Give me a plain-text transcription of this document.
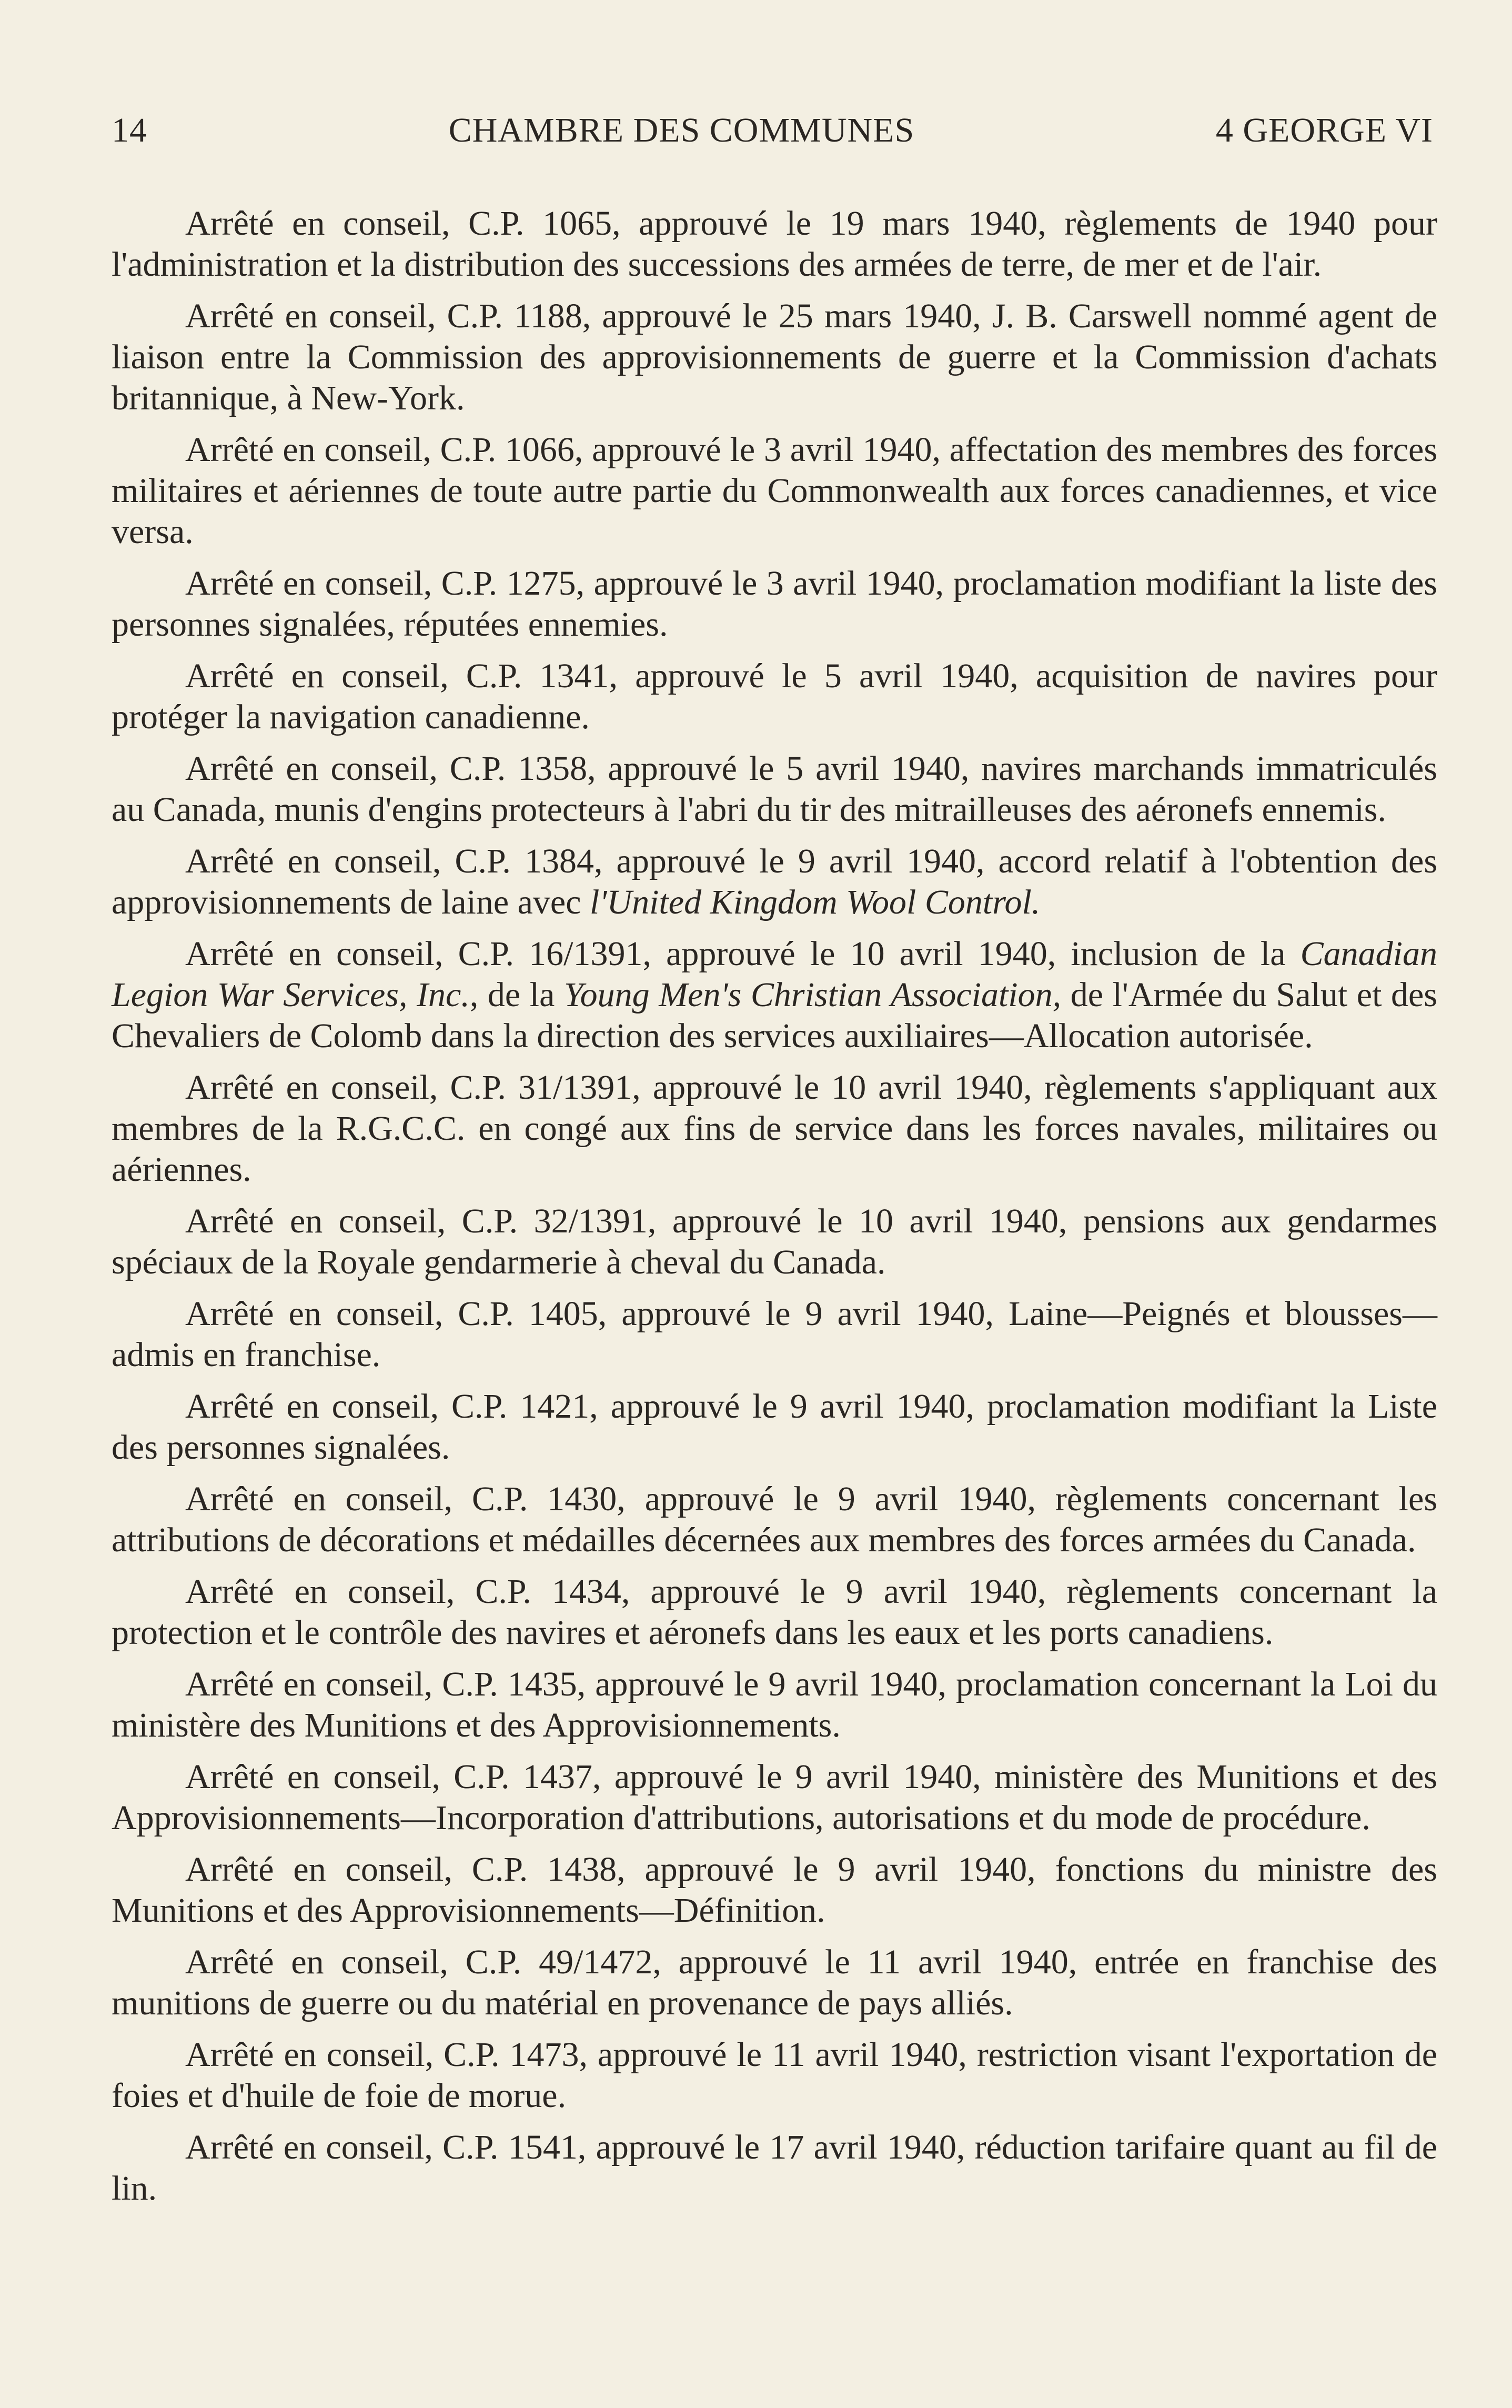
14	CHAMBRE DES COMMUNES	4 GEORGE VI

Arrêté en conseil, C.P. 1065, approuvé le 19 mars 1940, règlements de 1940 pour l'administration et la distribution des successions des armées de terre, de mer et de l'air.

Arrêté en conseil, C.P. 1188, approuvé le 25 mars 1940, J. B. Carswell nommé agent de liaison entre la Commission des approvisionnements de guerre et la Commission d'achats britannique, à New-York.

Arrêté en conseil, C.P. 1066, approuvé le 3 avril 1940, affectation des membres des forces militaires et aériennes de toute autre partie du Commonwealth aux forces canadiennes, et vice versa.

Arrêté en conseil, C.P. 1275, approuvé le 3 avril 1940, proclamation modifiant la liste des personnes signalées, réputées ennemies.

Arrêté en conseil, C.P. 1341, approuvé le 5 avril 1940, acquisition de navires pour protéger la navigation canadienne.

Arrêté en conseil, C.P. 1358, approuvé le 5 avril 1940, navires marchands immatriculés au Canada, munis d'engins protecteurs à l'abri du tir des mitrailleuses des aéronefs ennemis.

Arrêté en conseil, C.P. 1384, approuvé le 9 avril 1940, accord relatif à l'obtention des approvisionnements de laine avec l'United Kingdom Wool Control.

Arrêté en conseil, C.P. 16/1391, approuvé le 10 avril 1940, inclusion de la Canadian Legion War Services, Inc., de la Young Men's Christian Association, de l'Armée du Salut et des Chevaliers de Colomb dans la direction des services auxiliaires—Allocation autorisée.

Arrêté en conseil, C.P. 31/1391, approuvé le 10 avril 1940, règlements s'appliquant aux membres de la R.G.C.C. en congé aux fins de service dans les forces navales, militaires ou aériennes.

Arrêté en conseil, C.P. 32/1391, approuvé le 10 avril 1940, pensions aux gendarmes spéciaux de la Royale gendarmerie à cheval du Canada.

Arrêté en conseil, C.P. 1405, approuvé le 9 avril 1940, Laine—Peignés et blousses—admis en franchise.

Arrêté en conseil, C.P. 1421, approuvé le 9 avril 1940, proclamation modifiant la Liste des personnes signalées.

Arrêté en conseil, C.P. 1430, approuvé le 9 avril 1940, règlements concernant les attributions de décorations et médailles décernées aux membres des forces armées du Canada.

Arrêté en conseil, C.P. 1434, approuvé le 9 avril 1940, règlements concernant la protection et le contrôle des navires et aéronefs dans les eaux et les ports canadiens.

Arrêté en conseil, C.P. 1435, approuvé le 9 avril 1940, proclamation concernant la Loi du ministère des Munitions et des Approvisionnements.

Arrêté en conseil, C.P. 1437, approuvé le 9 avril 1940, ministère des Munitions et des Approvisionnements—Incorporation d'attributions, autorisations et du mode de procédure.

Arrêté en conseil, C.P. 1438, approuvé le 9 avril 1940, fonctions du ministre des Munitions et des Approvisionnements—Définition.

Arrêté en conseil, C.P. 49/1472, approuvé le 11 avril 1940, entrée en franchise des munitions de guerre ou du matérial en provenance de pays alliés.

Arrêté en conseil, C.P. 1473, approuvé le 11 avril 1940, restriction visant l'exportation de foies et d'huile de foie de morue.

Arrêté en conseil, C.P. 1541, approuvé le 17 avril 1940, réduction tarifaire quant au fil de lin.
